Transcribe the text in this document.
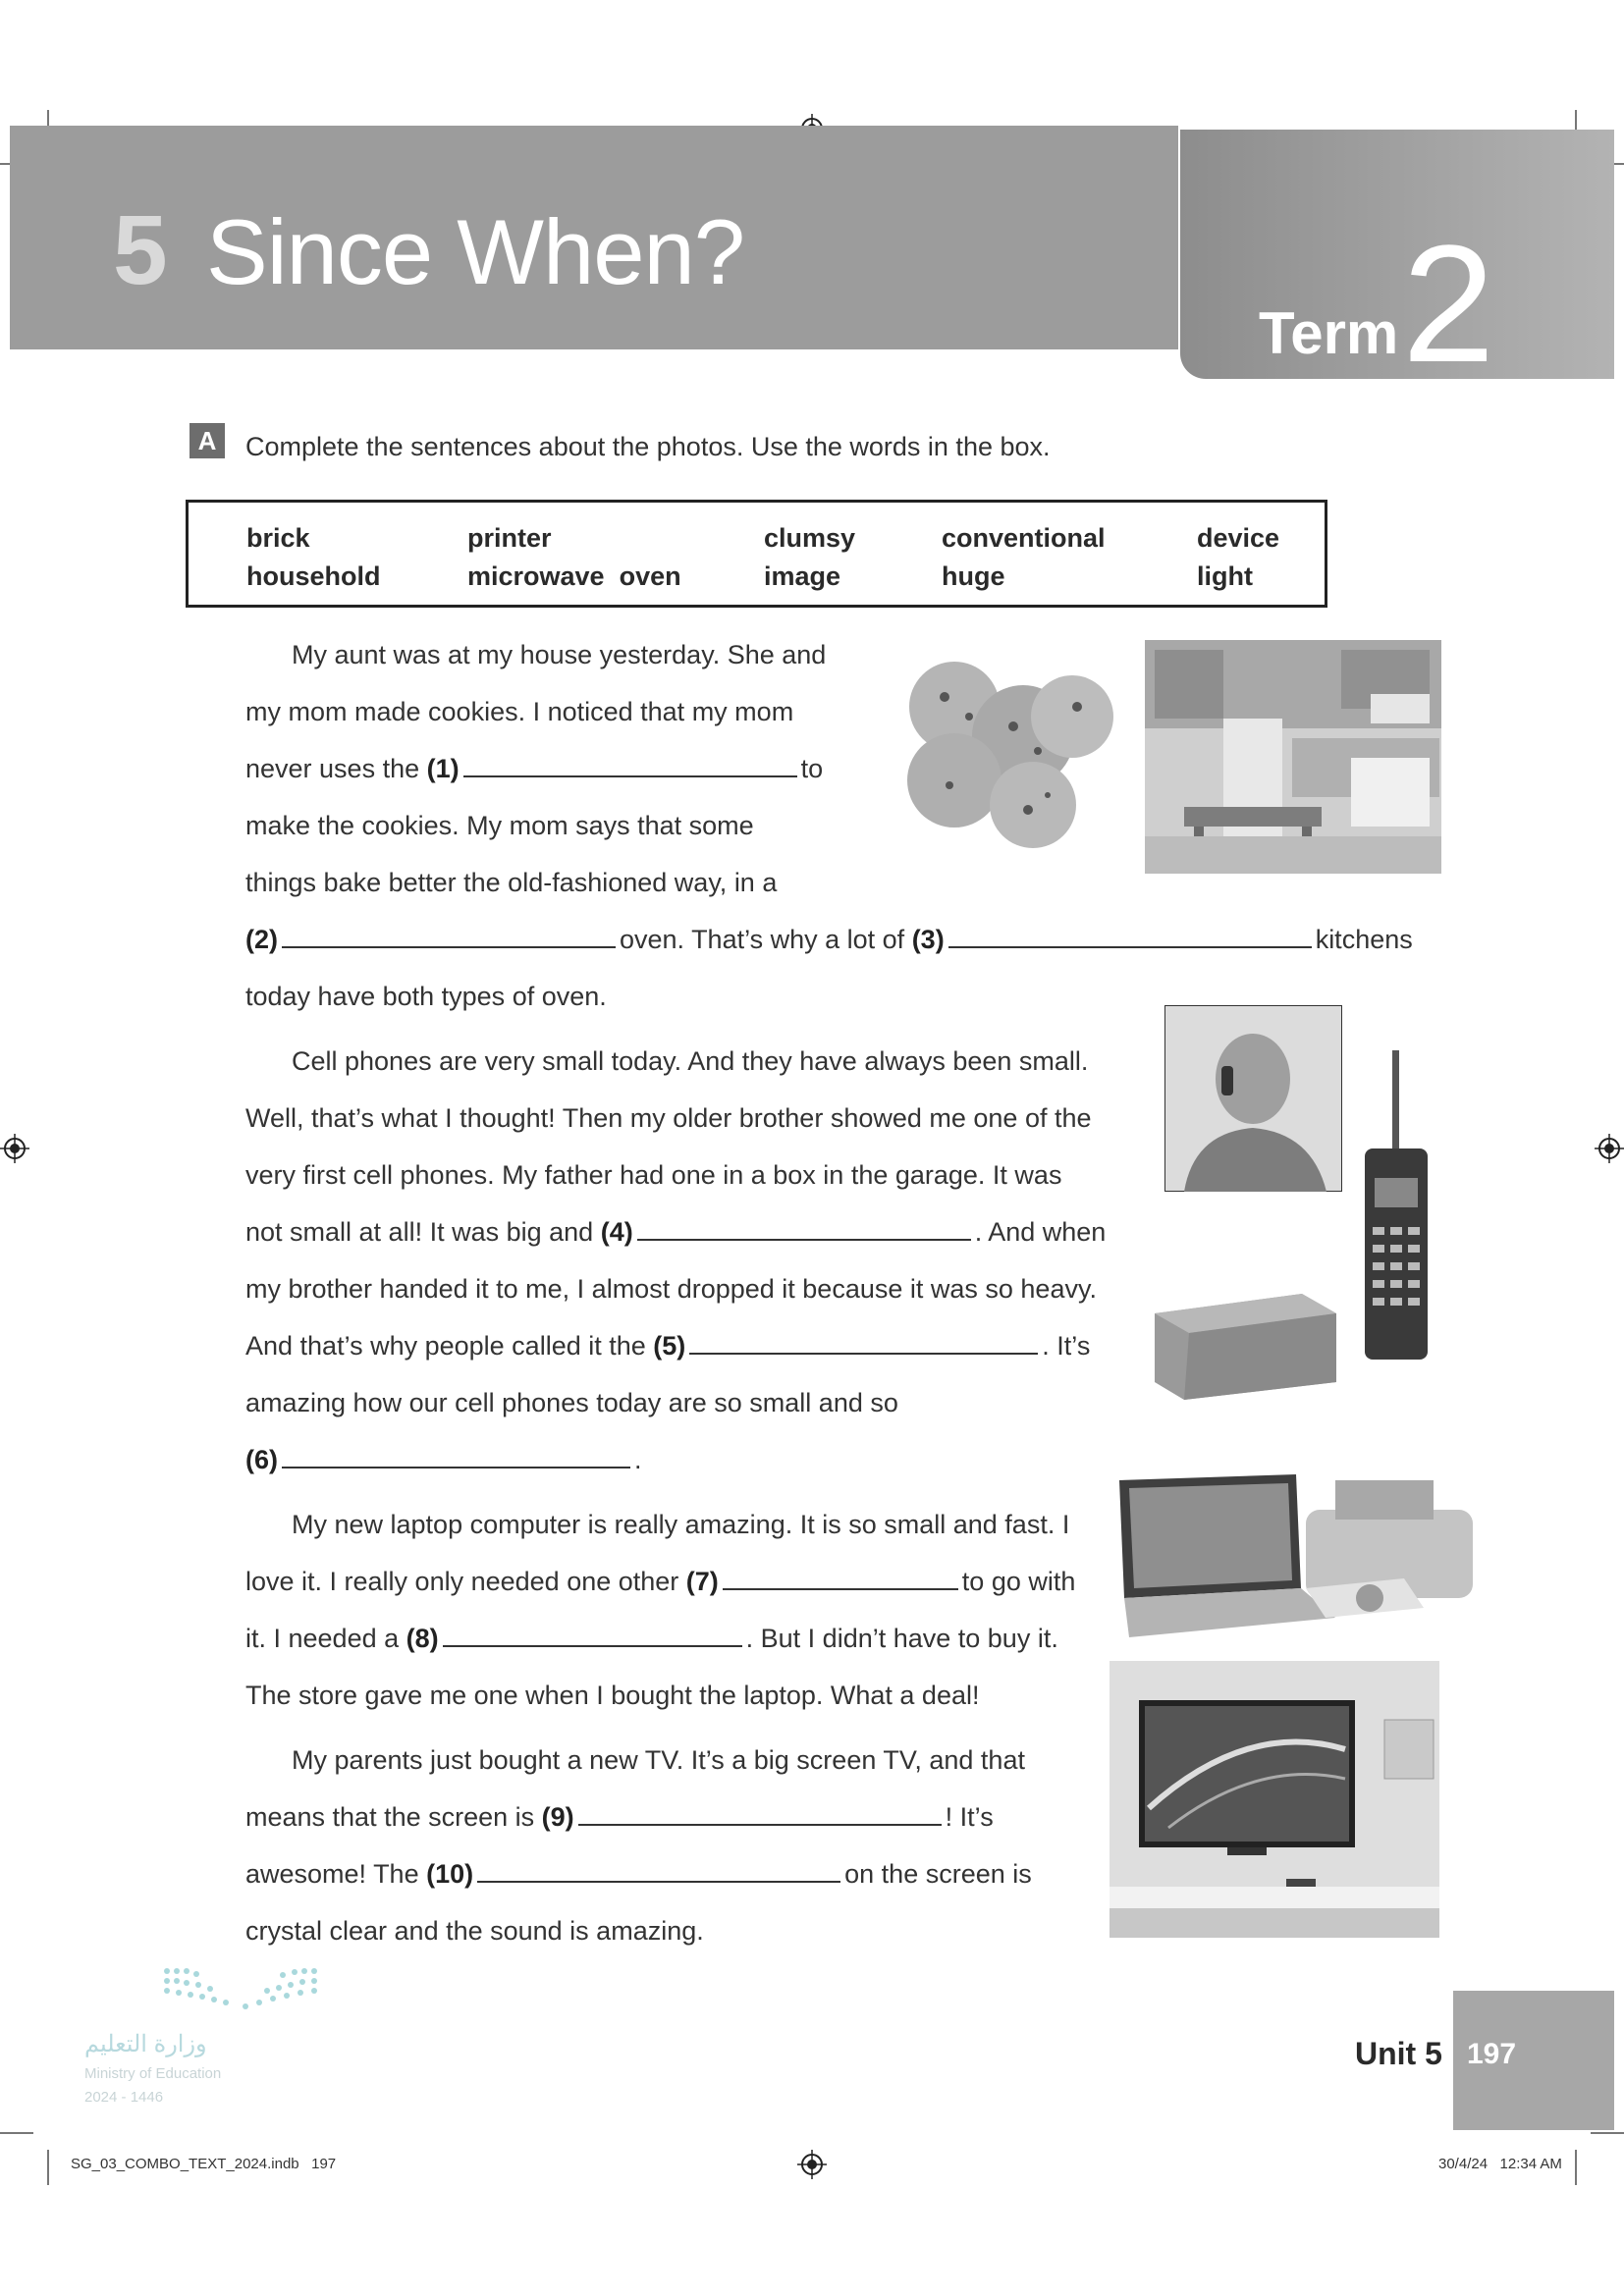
5 Since When?
Term 2
A	Complete the sentences about the photos. Use the words in the box.
brick	printer	clumsy	conventional	device
household	microwave  oven	image	huge	light
My aunt was at my house yesterday. She and
my mom made cookies. I noticed that my mom
never uses the (1)	to
make the cookies. My mom says that some
things bake better the old-fashioned way, in a
(2)	oven. That’s why a lot of (3)	kitchens
today have both types of oven.
Cell phones are very small today. And they have always been small.
Well, that’s what I thought! Then my older brother showed me one of the
very first cell phones. My father had one in a box in the garage. It was
not small at all! It was big and (4)	. And when
my brother handed it to me, I almost dropped it because it was so heavy.
And that’s why people called it the (5)	. It’s
amazing how our cell phones today are so small and so
(6)	.
My new laptop computer is really amazing. It is so small and fast. I
love it. I really only needed one other (7)	to go with
it. I needed a (8)	. But I didn’t have to buy it.
The store gave me one when I bought the laptop. What a deal!
My parents just bought a new TV. It’s a big screen TV, and that
means that the screen is (9)	! It’s
awesome! The (10)	on the screen is
crystal clear and the sound is amazing.
وزارة التعليم
Ministry of Education
2024 - 1446
Unit 5 197
SG_03_COMBO_TEXT_2024.indb   197	30/4/24   12:34 AM
